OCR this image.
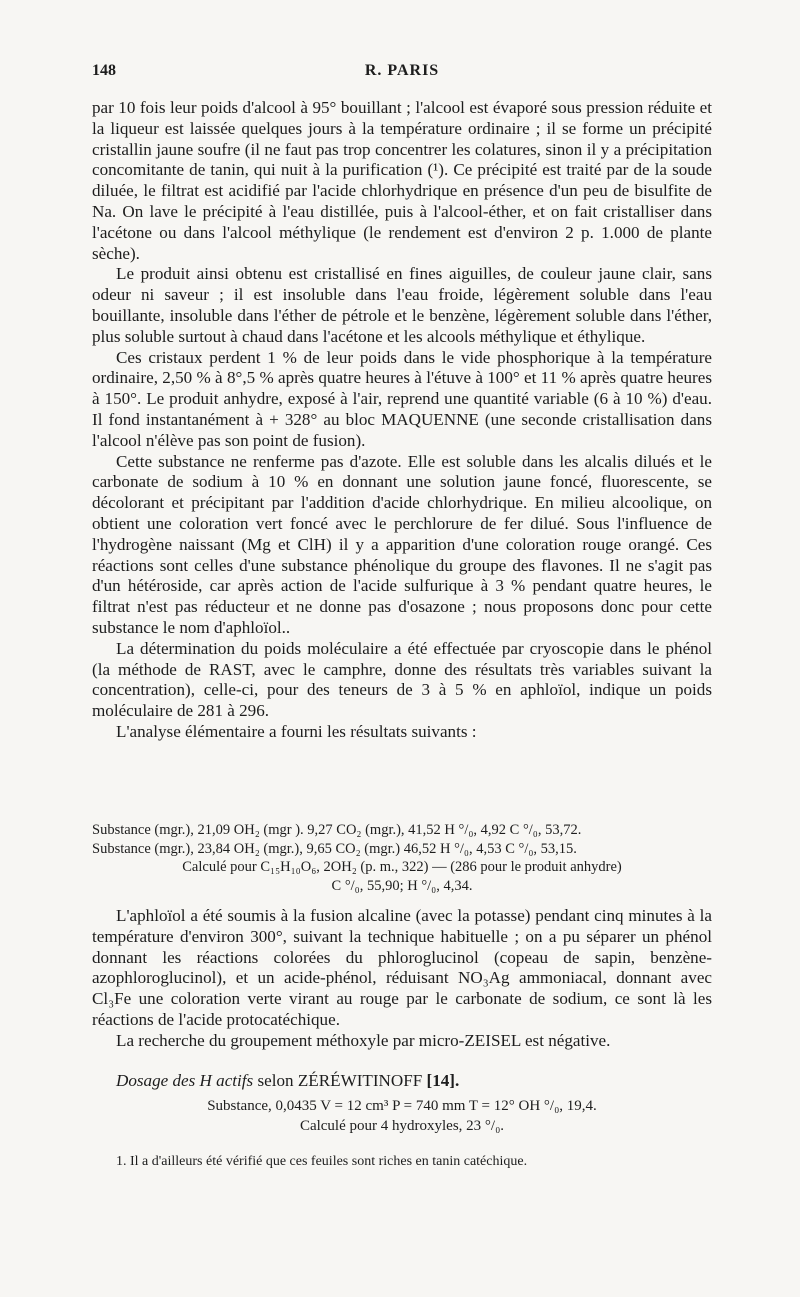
148	R. PARIS

par 10 fois leur poids d'alcool à 95° bouillant ; l'alcool est évaporé sous pression réduite et la liqueur est laissée quelques jours à la température ordinaire ; il se forme un précipité cristallin jaune soufre (il ne faut pas trop concentrer les colatures, sinon il y a précipitation concomitante de tanin, qui nuit à la purification (¹). Ce précipité est traité par de la soude diluée, le filtrat est acidifié par l'acide chlorhydrique en présence d'un peu de bisulfite de Na. On lave le précipité à l'eau distillée, puis à l'alcool-éther, et on fait cristalliser dans l'acétone ou dans l'alcool méthylique (le rendement est d'environ 2 p. 1.000 de plante sèche).

Le produit ainsi obtenu est cristallisé en fines aiguilles, de couleur jaune clair, sans odeur ni saveur ; il est insoluble dans l'eau froide, légèrement soluble dans l'eau bouillante, insoluble dans l'éther de pétrole et le benzène, légèrement soluble dans l'éther, plus soluble surtout à chaud dans l'acétone et les alcools méthylique et éthylique.

Ces cristaux perdent 1 % de leur poids dans le vide phosphorique à la température ordinaire, 2,50 % à 8°,5 % après quatre heures à l'étuve à 100° et 11 % après quatre heures à 150°. Le produit anhydre, exposé à l'air, reprend une quantité variable (6 à 10 %) d'eau. Il fond instantanément à + 328° au bloc MAQUENNE (une seconde cristallisation dans l'alcool n'élève pas son point de fusion).

Cette substance ne renferme pas d'azote. Elle est soluble dans les alcalis dilués et le carbonate de sodium à 10 % en donnant une solution jaune foncé, fluorescente, se décolorant et précipitant par l'addition d'acide chlorhydrique. En milieu alcoolique, on obtient une coloration vert foncé avec le perchlorure de fer dilué. Sous l'influence de l'hydrogène naissant (Mg et ClH) il y a apparition d'une coloration rouge orangé. Ces réactions sont celles d'une substance phénolique du groupe des flavones. Il ne s'agit pas d'un hétéroside, car après action de l'acide sulfurique à 3 % pendant quatre heures, le filtrat n'est pas réducteur et ne donne pas d'osazone ; nous proposons donc pour cette substance le nom d'aphloïol..

La détermination du poids moléculaire a été effectuée par cryoscopie dans le phénol (la méthode de RAST, avec le camphre, donne des résultats très variables suivant la concentration), celle-ci, pour des teneurs de 3 à 5 % en aphloïol, indique un poids moléculaire de 281 à 296.

L'analyse élémentaire a fourni les résultats suivants :

Substance (mgr.), 21,09 OH₂ (mgr ). 9,27 CO₂ (mgr.), 41,52 H °/₀, 4,92 C °/₀, 53,72.
Substance (mgr.), 23,84 OH₂ (mgr.), 9,65 CO₂ (mgr.) 46,52 H °/₀, 4,53 C °/₀, 53,15.
Calculé pour C₁₅H₁₀O₆, 2OH₂ (p. m., 322) — (286 pour le produit anhydre)
C °/₀, 55,90; H °/₀, 4,34.

L'aphloïol a été soumis à la fusion alcaline (avec la potasse) pendant cinq minutes à la température d'environ 300°, suivant la technique habituelle ; on a pu séparer un phénol donnant les réactions colorées du phloroglucinol (copeau de sapin, benzène-azophloroglucinol), et un acide-phénol, réduisant NO₃Ag ammoniacal, donnant avec Cl₃Fe une coloration verte virant au rouge par le carbonate de sodium, ce sont là les réactions de l'acide protocatéchique.

La recherche du groupement méthoxyle par micro-ZEISEL est négative.

Dosage des H actifs selon ZÉRÉWITINOFF [14].
Substance, 0,0435 V = 12 cm³ P = 740 mm T = 12° OH °/₀, 19,4.
Calculé pour 4 hydroxyles, 23 °/₀.
1. Il a d'ailleurs été vérifié que ces feuiles sont riches en tanin catéchique.
